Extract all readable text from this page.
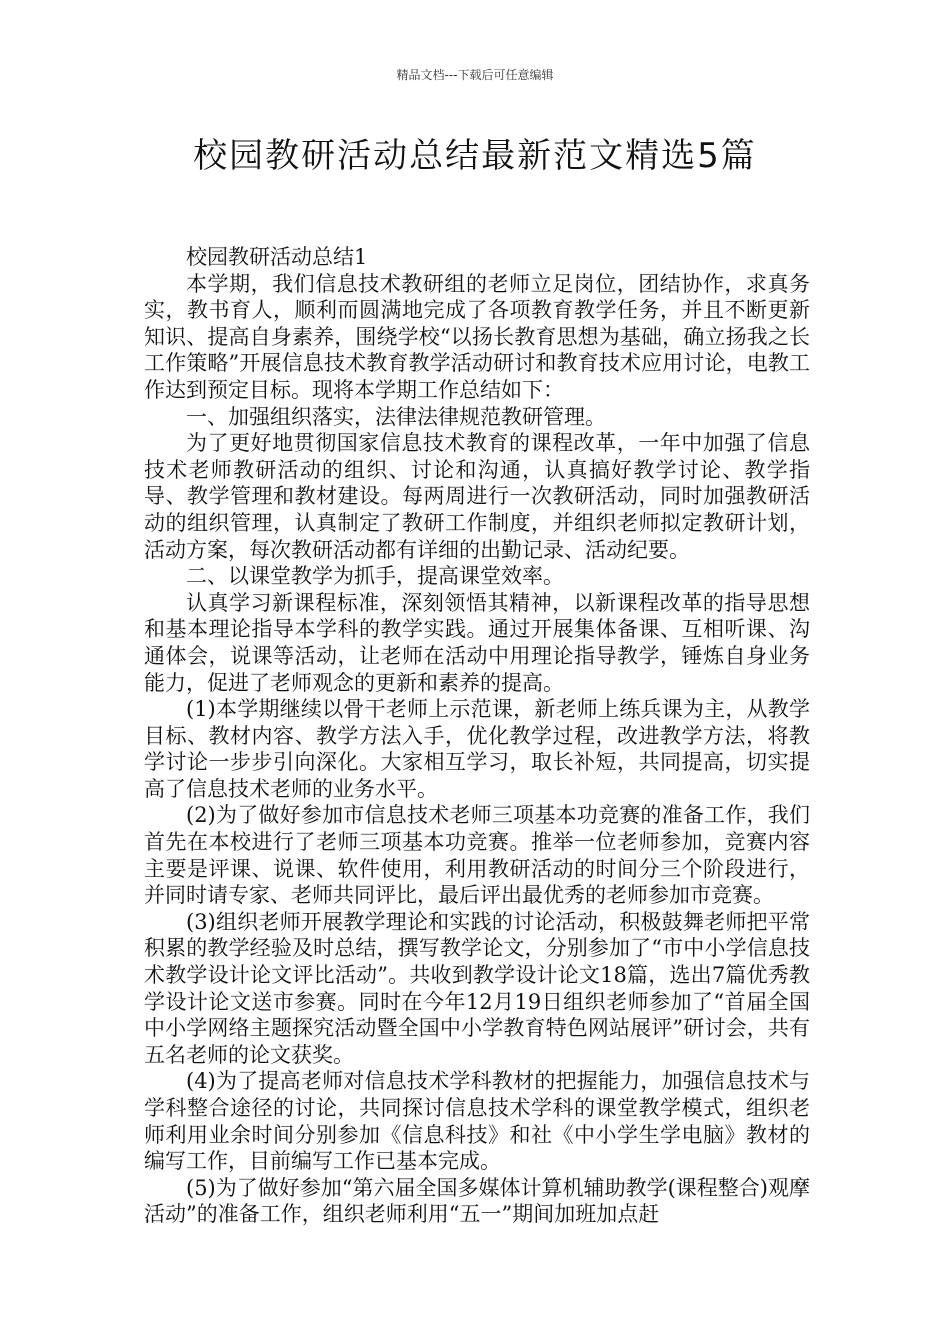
精品文档---下载后可任意编辑
校园教研活动总结最新范文精选5篇

校园教研活动总结1

本学期，我们信息技术教研组的老师立足岗位，团结协作，求真务实，教书育人，顺利而圆满地完成了各项教育教学任务，并且不断更新知识、提高自身素养，围绕学校“以扬长教育思想为基础，确立扬我之长工作策略”开展信息技术教育教学活动研讨和教育技术应用讨论，电教工作达到预定目标。现将本学期工作总结如下：

一、加强组织落实，法律法律规范教研管理。

为了更好地贯彻国家信息技术教育的课程改革，一年中加强了信息技术老师教研活动的组织、讨论和沟通，认真搞好教学讨论、教学指导、教学管理和教材建设。每两周进行一次教研活动，同时加强教研活动的组织管理，认真制定了教研工作制度，并组织老师拟定教研计划，活动方案，每次教研活动都有详细的出勤记录、活动纪要。

二、以课堂教学为抓手，提高课堂效率。

认真学习新课程标准，深刻领悟其精神，以新课程改革的指导思想和基本理论指导本学科的教学实践。通过开展集体备课、互相听课、沟通体会，说课等活动，让老师在活动中用理论指导教学，锤炼自身业务能力，促进了老师观念的更新和素养的提高。

(1)本学期继续以骨干老师上示范课，新老师上练兵课为主，从教学目标、教材内容、教学方法入手，优化教学过程，改进教学方法，将教学讨论一步步引向深化。大家相互学习，取长补短，共同提高，切实提高了信息技术老师的业务水平。

(2)为了做好参加市信息技术老师三项基本功竞赛的准备工作，我们首先在本校进行了老师三项基本功竞赛。推举一位老师参加，竞赛内容主要是评课、说课、软件使用，利用教研活动的时间分三个阶段进行，并同时请专家、老师共同评比，最后评出最优秀的老师参加市竞赛。

(3)组织老师开展教学理论和实践的讨论活动，积极鼓舞老师把平常积累的教学经验及时总结，撰写教学论文，分别参加了“市中小学信息技术教学设计论文评比活动”。共收到教学设计论文18篇，选出7篇优秀教学设计论文送市参赛。同时在今年12月19日组织老师参加了“首届全国中小学网络主题探究活动暨全国中小学教育特色网站展评”研讨会，共有五名老师的论文获奖。

(4)为了提高老师对信息技术学科教材的把握能力，加强信息技术与学科整合途径的讨论，共同探讨信息技术学科的课堂教学模式，组织老师利用业余时间分别参加《信息科技》和社《中小学生学电脑》教材的编写工作，目前编写工作已基本完成。

(5)为了做好参加“第六届全国多媒体计算机辅助教学(课程整合)观摩活动”的准备工作，组织老师利用“五一”期间加班加点赶
